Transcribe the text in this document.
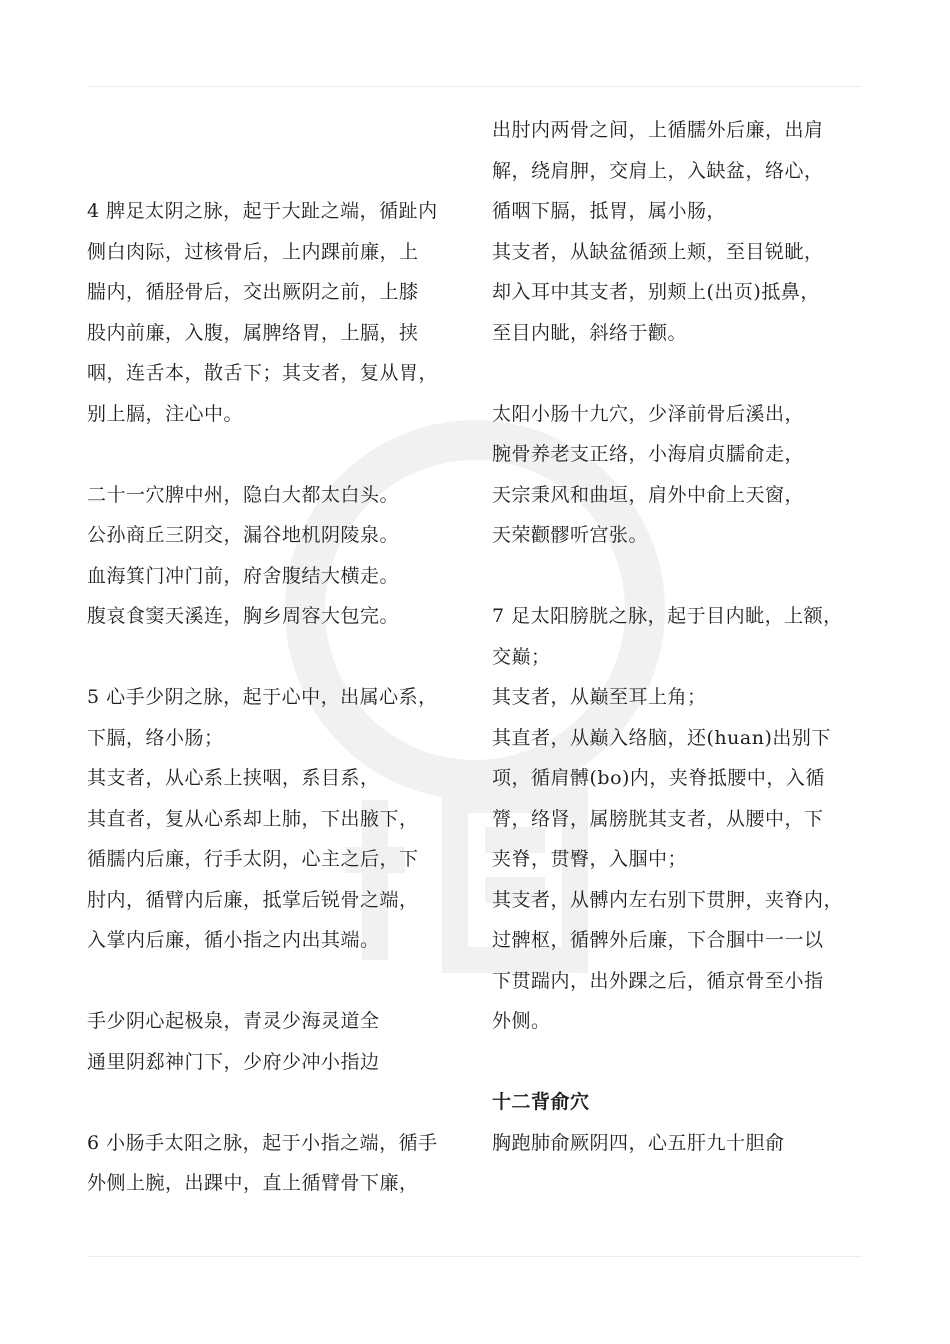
4 脾足太阴之脉，起于大趾之端，循趾内
侧白肉际，过核骨后，上内踝前廉，上
腨内，循胫骨后，交出厥阴之前，上膝
股内前廉，入腹，属脾络胃，上膈，挟
咽，连舌本，散舌下；其支者，复从胃，
别上膈，注心中。
二十一穴脾中州，隐白大都太白头。
公孙商丘三阴交，漏谷地机阴陵泉。
血海箕门冲门前，府舍腹结大横走。
腹哀食窦天溪连，胸乡周容大包完。
5 心手少阴之脉，起于心中，出属心系，
下膈，络小肠；
其支者，从心系上挟咽，系目系，
其直者，复从心系却上肺，下出腋下，
循臑内后廉，行手太阴，心主之后，下
肘内，循臂内后廉，抵掌后锐骨之端，
入掌内后廉，循小指之内出其端。
手少阴心起极泉，青灵少海灵道全
通里阴郄神门下，少府少冲小指边
6 小肠手太阳之脉，起于小指之端，循手
外侧上腕，出踝中，直上循臂骨下廉，
出肘内两骨之间，上循臑外后廉，出肩
解，绕肩胛，交肩上，入缺盆，络心，
循咽下膈，抵胃，属小肠，
其支者，从缺盆循颈上颊，至目锐眦，
却入耳中其支者，别颊上(出页)抵鼻，
至目内眦，斜络于颧。
太阳小肠十九穴，少泽前骨后溪出，
腕骨养老支正络，小海肩贞臑俞走，
天宗秉风和曲垣，肩外中俞上天窗，
天荣颧髎听宫张。
7 足太阳膀胱之脉，起于目内眦，上额，
交巅；
其支者，从巅至耳上角；
其直者，从巅入络脑，还(huan)出别下
项，循肩髆(bo)内，夹脊抵腰中，入循
膂，络肾，属膀胱其支者，从腰中，下
夹脊，贯臀，入腘中；
其支者，从髆内左右别下贯胛，夹脊内，
过髀枢，循髀外后廉，下合腘中一一以
下贯踹内，出外踝之后，循京骨至小指
外侧。
十二背俞穴
胸跑肺俞厥阴四，心五肝九十胆俞
